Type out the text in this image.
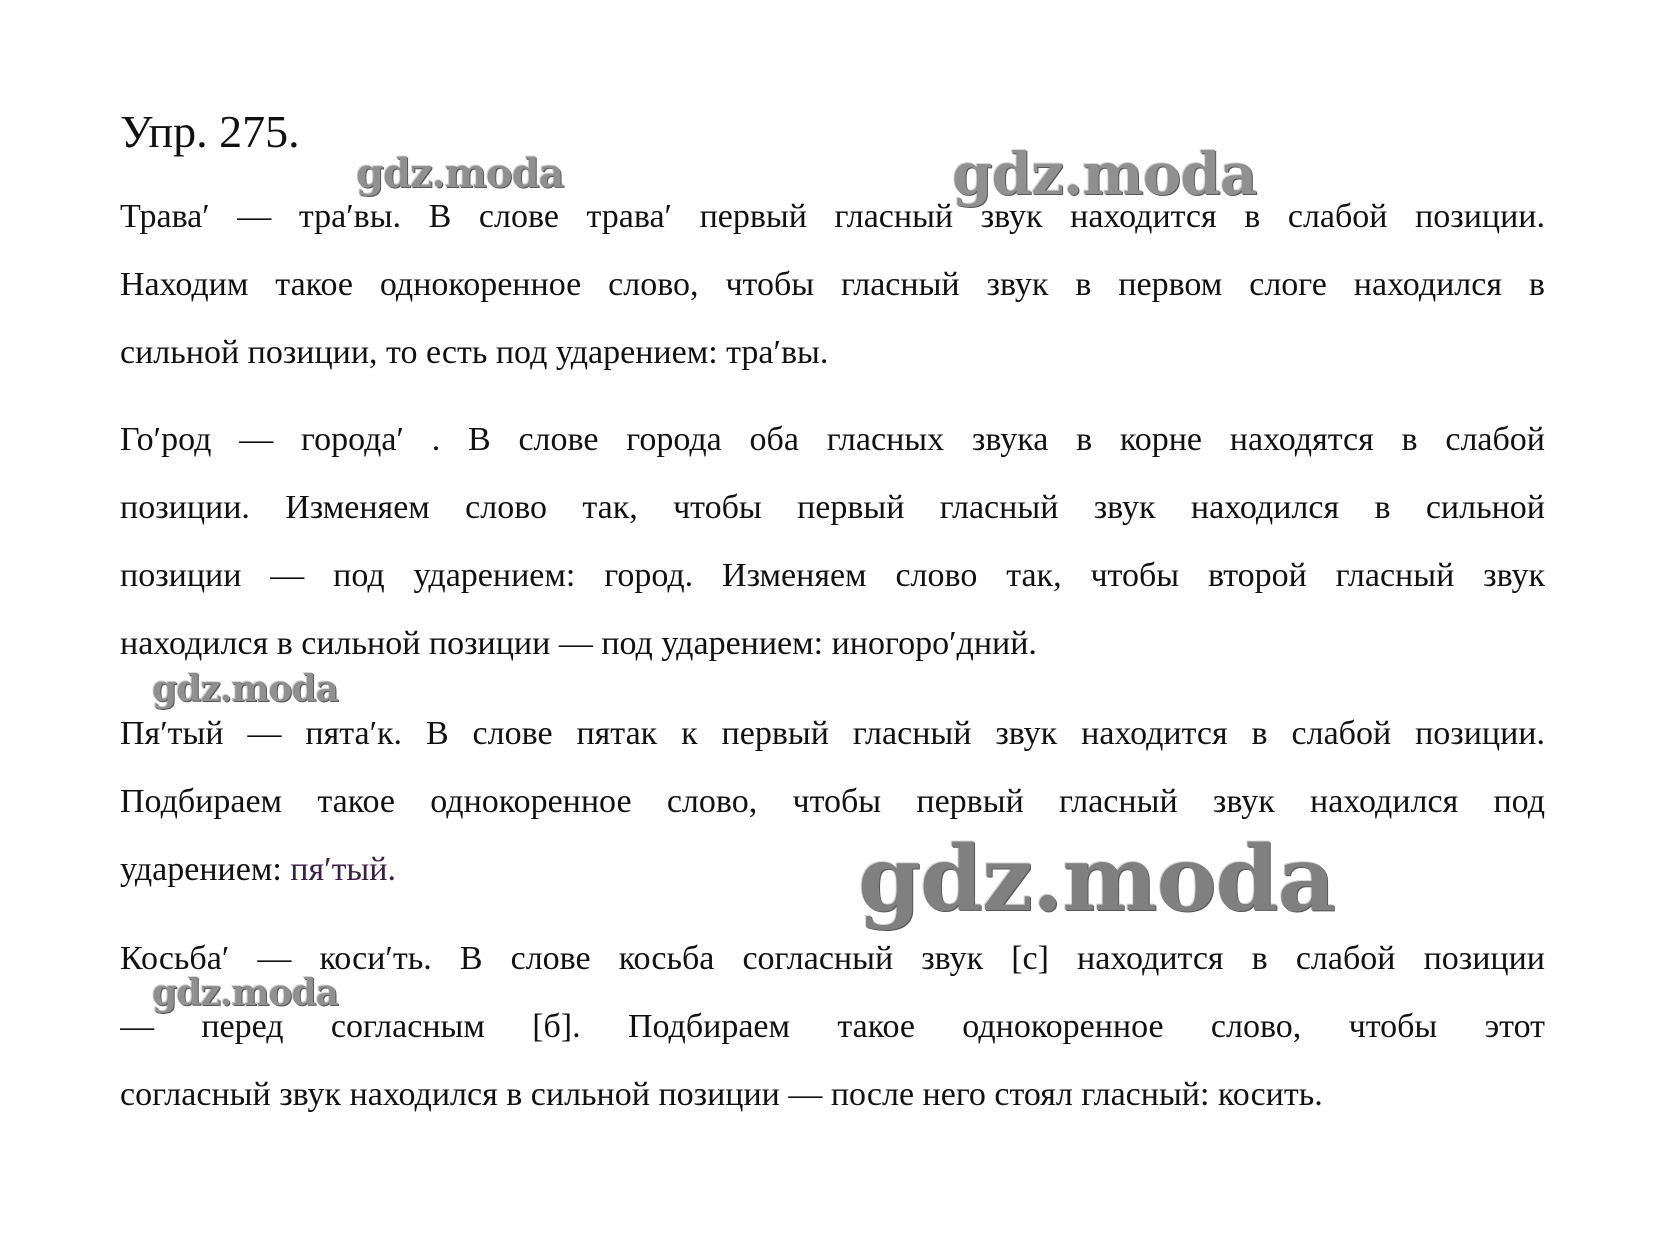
Упр. 275.
Трава′ — тра′вы. В слове трава′ первый гласный звук находится в слабой позиции.
Находим такое однокоренное слово, чтобы гласный звук в первом слоге находился в
сильной позиции, то есть под ударением: тра′вы.
Го′род — города′ . В слове города оба гласных звука в корне находятся в слабой
позиции. Изменяем слово так, чтобы первый гласный звук находился в сильной
позиции — под ударением: город. Изменяем слово так, чтобы второй гласный звук
находился в сильной позиции — под ударением: иногоро′дний.
Пя′тый — пята′к. В слове пятак к первый гласный звук находится в слабой позиции.
Подбираем такое однокоренное слово, чтобы первый гласный звук находился под
ударением: пя′тый.
Косьба′ — коси′ть. В слове косьба согласный звук [с] находится в слабой позиции
— перед согласным [б]. Подбираем такое однокоренное слово, чтобы этот
согласный звук находился в сильной позиции — после него стоял гласный: косить.
gdz.moda	gdz.moda
gdz.moda
gdz.moda
gdz.moda
